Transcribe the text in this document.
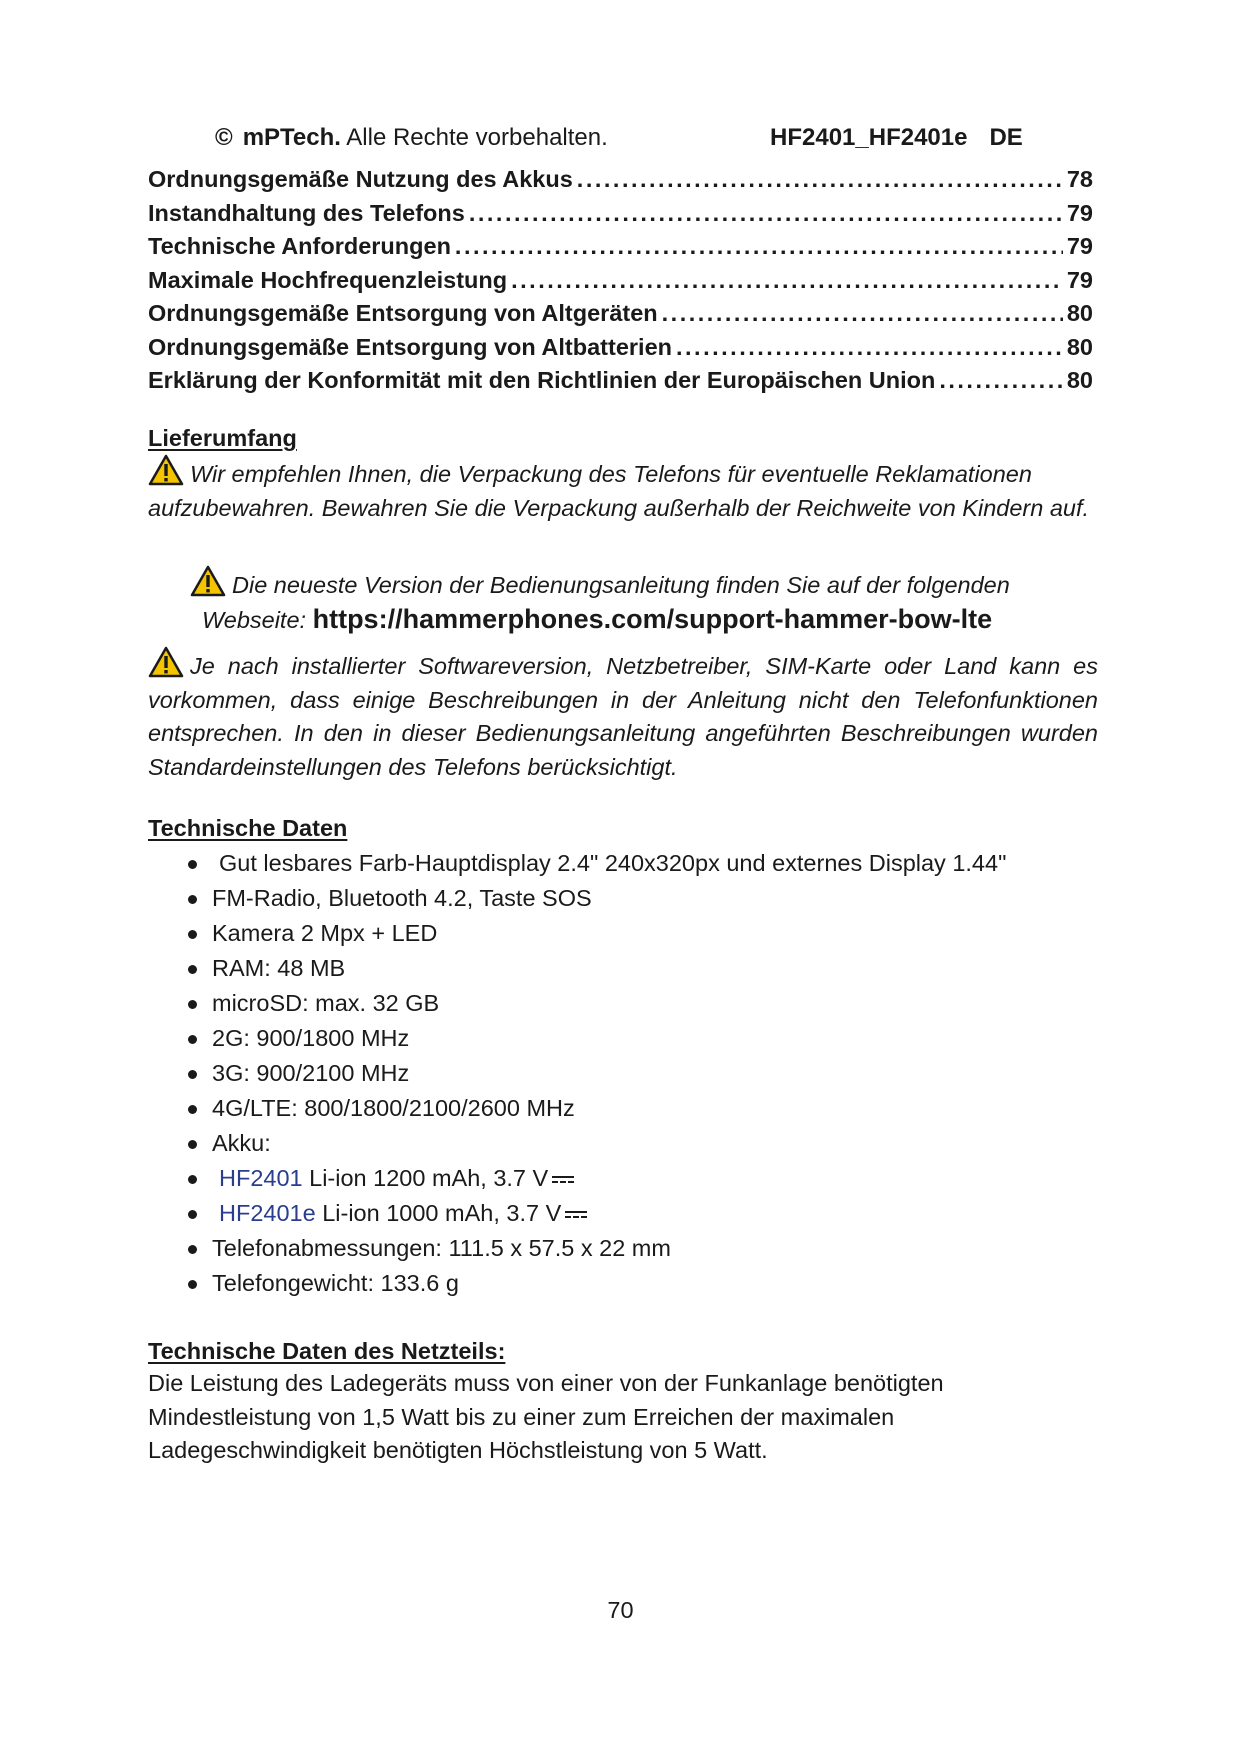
© mPTech. Alle Rechte vorbehalten.	HF2401_HF2401e DE
Ordnungsgemäße Nutzung des Akkus .....	78
Instandhaltung des Telefons .....	79
Technische Anforderungen .....	79
Maximale Hochfrequenzleistung .....	79
Ordnungsgemäße Entsorgung von Altgeräten .....	80
Ordnungsgemäße Entsorgung von Altbatterien .....	80
Erklärung der Konformität mit den Richtlinien der Europäischen Union .....	80
Lieferumfang
Wir empfehlen Ihnen, die Verpackung des Telefons für eventuelle Reklamationen aufzubewahren. Bewahren Sie die Verpackung außerhalb der Reichweite von Kindern auf.
Die neueste Version der Bedienungsanleitung finden Sie auf der folgenden
Webseite: https://hammerphones.com/support-hammer-bow-lte
Je nach installierter Softwareversion, Netzbetreiber, SIM-Karte oder Land kann es vorkommen, dass einige Beschreibungen in der Anleitung nicht den Telefonfunktionen entsprechen. In den in dieser Bedienungsanleitung angeführten Beschreibungen wurden Standardeinstellungen des Telefons berücksichtigt.
Technische Daten
Gut lesbares Farb-Hauptdisplay 2.4" 240x320px und externes Display 1.44"
FM-Radio, Bluetooth 4.2, Taste SOS
Kamera 2 Mpx + LED
RAM: 48 MB
microSD: max. 32 GB
2G: 900/1800 MHz
3G: 900/2100 MHz
4G/LTE: 800/1800/2100/2600 MHz
Akku:
HF2401 Li-ion 1200 mAh, 3.7 V
HF2401e Li-ion 1000 mAh, 3.7 V
Telefonabmessungen: 111.5 x 57.5 x 22 mm
Telefongewicht: 133.6 g
Technische Daten des Netzteils:
Die Leistung des Ladegeräts muss von einer von der Funkanlage benötigten Mindestleistung von 1,5 Watt bis zu einer zum Erreichen der maximalen Ladegeschwindigkeit benötigten Höchstleistung von 5 Watt.
70
